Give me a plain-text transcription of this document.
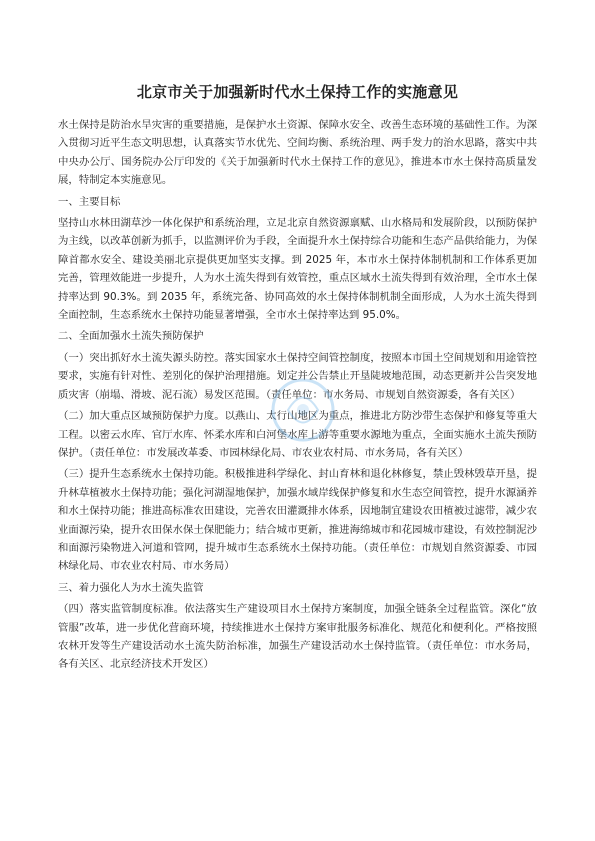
北京市关于加强新时代水土保持工作的实施意见

水土保持是防治水旱灾害的重要措施，是保护水土资源、保障水安全、改善生态环境的基础性工作。为深入贯彻习近平生态文明思想，认真落实节水优先、空间均衡、系统治理、两手发力的治水思路，落实中共中央办公厅、国务院办公厅印发的《关于加强新时代水土保持工作的意见》，推进本市水土保持高质量发展，特制定本实施意见。

一、主要目标

坚持山水林田湖草沙一体化保护和系统治理，立足北京自然资源禀赋、山水格局和发展阶段，以预防保护为主线，以改革创新为抓手，以监测评价为手段，全面提升水土保持综合功能和生态产品供给能力，为保障首都水安全、建设美丽北京提供更加坚实支撑。到 2025 年，本市水土保持体制机制和工作体系更加完善，管理效能进一步提升，人为水土流失得到有效管控，重点区域水土流失得到有效治理，全市水土保持率达到 90.3%。到 2035 年，系统完备、协同高效的水土保持体制机制全面形成，人为水土流失得到全面控制，生态系统水土保持功能显著增强，全市水土保持率达到 95.0%。

二、全面加强水土流失预防保护

（一）突出抓好水土流失源头防控。落实国家水土保持空间管控制度，按照本市国土空间规划和用途管控要求，实施有针对性、差别化的保护治理措施。划定并公告禁止开垦陡坡地范围，动态更新并公告突发地质灾害（崩塌、滑坡、泥石流）易发区范围。（责任单位：市水务局、市规划自然资源委，各有关区）

（二）加大重点区域预防保护力度。以燕山、太行山地区为重点，推进北方防沙带生态保护和修复等重大工程。以密云水库、官厅水库、怀柔水库和白河堡水库上游等重要水源地为重点，全面实施水土流失预防保护。（责任单位：市发展改革委、市园林绿化局、市农业农村局、市水务局，各有关区）

（三）提升生态系统水土保持功能。积极推进科学绿化、封山育林和退化林修复，禁止毁林毁草开垦，提升林草植被水土保持功能；强化河湖湿地保护，加强水域岸线保护修复和水生态空间管控，提升水源涵养和水土保持功能；推进高标准农田建设，完善农田灌溉排水体系，因地制宜建设农田植被过滤带，减少农业面源污染，提升农田保水保土保肥能力；结合城市更新，推进海绵城市和花园城市建设，有效控制泥沙和面源污染物进入河道和管网，提升城市生态系统水土保持功能。（责任单位：市规划自然资源委、市园林绿化局、市农业农村局、市水务局）

三、着力强化人为水土流失监管

（四）落实监管制度标准。依法落实生产建设项目水土保持方案制度，加强全链条全过程监管。深化“放管服”改革，进一步优化营商环境，持续推进水土保持方案审批服务标准化、规范化和便利化。严格按照农林开发等生产建设活动水土流失防治标准，加强生产建设活动水土保持监管。（责任单位：市水务局，各有关区、北京经济技术开发区）
